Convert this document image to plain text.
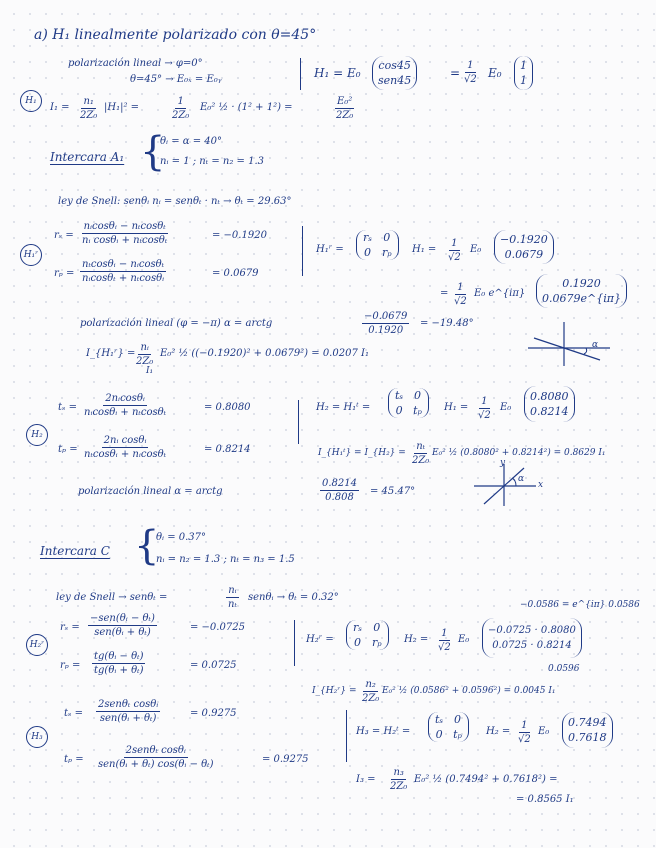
a) H₁ linealmente polarizado con θ=45°
polarización lineal → φ=0°
θ=45° → E₀ₓ = E₀ᵧ	H₁ = E₀
cos45
sen45
= $\frac{1}{√2} E_0$
1
1
H₁
$I_1 = \frac{\text{n₁}}{\text{2Z₀}} |H_1|^2$ =	$\frac{1}{\text{2Z₀}} E_0^2$ ½ · (1² + 1²) =	$\frac{\text{E₀²}}{\text{2Z₀}}$
Intercara A₁ {
θᵢ = α = 40°
nᵢ = 1 ; nₜ = n₂ = 1.3
ley de Snell: senθᵢ nᵢ = senθₜ · nₜ → θₜ = 29.63°
H₁ʳ
$r_s = \frac{\text{nᵢcosθᵢ − nₜcosθₜ}}{\text{nᵢ cosθᵢ + nₜcosθₜ}}$	= −0.1920
$r_p = \frac{\text{nₜcosθᵢ − nᵢcosθₜ}}{\text{nᵢcosθₜ + nₜcosθᵢ}}$	= 0.0679
H₁ʳ =
rₛ 0
0 rₚ $H_1 = \frac{1}{√2} E_0$
−0.1920
0.0679
= $\frac{1}{√2} E_0$ e^{iπ}
0.1920
0.0679e^{iπ}
polarización lineal (φ = −π) α = arctg	$\frac{-0.0679}{0.1920} = -19.48^\circ$
I_{H₁ʳ} =
$\frac{\text{nᵢ}}{\text{2Z₀}} E_0^2$ ½ ((−0.1920)² + 0.0679²) = 0.0207 I₁
I₁
α
H₂
$t_s = \frac{\text{2nᵢcosθᵢ}}{\text{nᵢcosθᵢ + nₜcosθₜ}}$	= 0.8080
$t_p = \frac{\text{2nᵢ cosθᵢ}}{\text{nₜcosθᵢ + nᵢcosθₜ}}$	= 0.8214
H₂ = H₁ᵗ =
tₛ 0
0 tₚ $H_1 = \frac{1}{√2} E_0$
0.8080
0.8214
I_{H₁ᵗ} = I_{H₂} = $\frac{\text{nₜ}}{\text{2Z₀}} E_0^2$ ½ (0.8080² + 0.8214²) = 0.8629 I₁
polarización lineal α = arctg	$\frac{0.8214}{0.808} = 45.47^\circ$
α
x
y
Intercara C {
θᵢ = 0.37°
nᵢ = n₂ = 1.3 ; nₜ = n₃ = 1.5
ley de Snell → senθₜ =	$\frac{\text{nᵢ}}{\text{nₜ}}$ senθᵢ → θₜ = 0.32°
H₂ʳ
rₛ =
−sen(θᵢ − θₜ)
sen(θᵢ + θₜ)	= −0.0725
$r_p = \frac{\text{tg(θᵢ − θₜ)}}{\text{tg(θᵢ + θₜ)}}$	= 0.0725
H₂ʳ =
rₛ 0
0 rₚ $H_2 = \frac{1}{√2} E_0$
−0.0725 · 0.8080
0.0725 · 0.8214
−0.0586 = e^{iπ} 0.0586
0.0596
I_{H₂ʳ} = $\frac{\text{n₂}}{\text{2Z₀}} E_0^2$ ½ (0.0586² + 0.0596²) = 0.0045 I₁
H₃
tₛ =
2senθₜ cosθᵢ
sen(θᵢ + θₜ)	= 0.9275
tₚ =
2senθₜ cosθᵢ
sen(θᵢ + θₜ) cos(θᵢ − θₜ)	= 0.9275
H₃ = H₂ᵗ =
tₛ 0
0 tₚ $H_2 = \frac{1}{√2} E_0$
0.7494
0.7618
$I_3 = \frac{\text{n₃}}{\text{2Z₀}} E_0^2$ ½ (0.7494² + 0.7618²) =
= 0.8565 I₁
